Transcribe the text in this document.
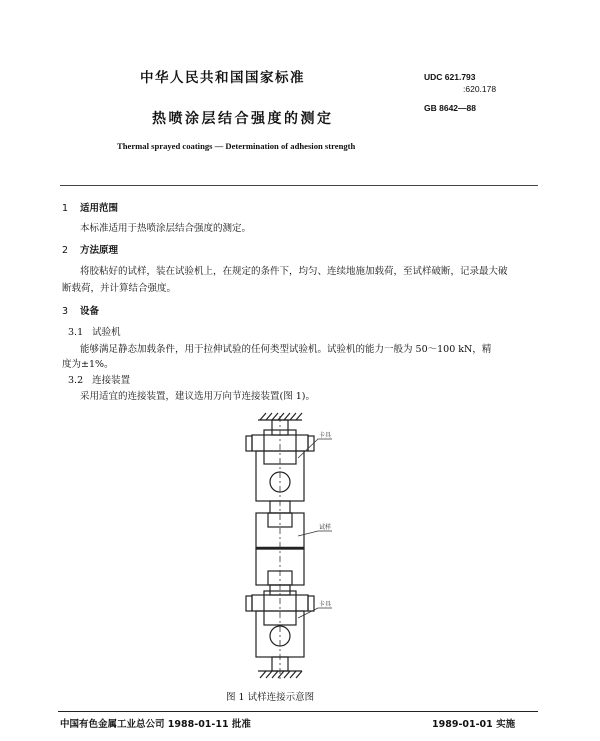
中华人民共和国国家标准
热喷涂层结合强度的测定
Thermal sprayed coatings — Determination of adhesion strength
UDC 621.793
:620.178
GB 8642—88
1 适用范围
本标准适用于热喷涂层结合强度的测定。
2 方法原理
将胶粘好的试样，装在试验机上，在规定的条件下，均匀、连续地施加载荷，至试样破断，记录最大破
断载荷，并计算结合强度。
3 设备
3.1 试验机
能够满足静态加载条件，用于拉伸试验的任何类型试验机。试验机的能力一般为 50～100 kN，精
度为±1%。
3.2 连接装置
采用适宜的连接装置，建议选用万向节连接装置(图 1)。
卡具
试样
卡具
图 1 试样连接示意图
中国有色金属工业总公司 1988-01-11 批准	1989-01-01 实施
